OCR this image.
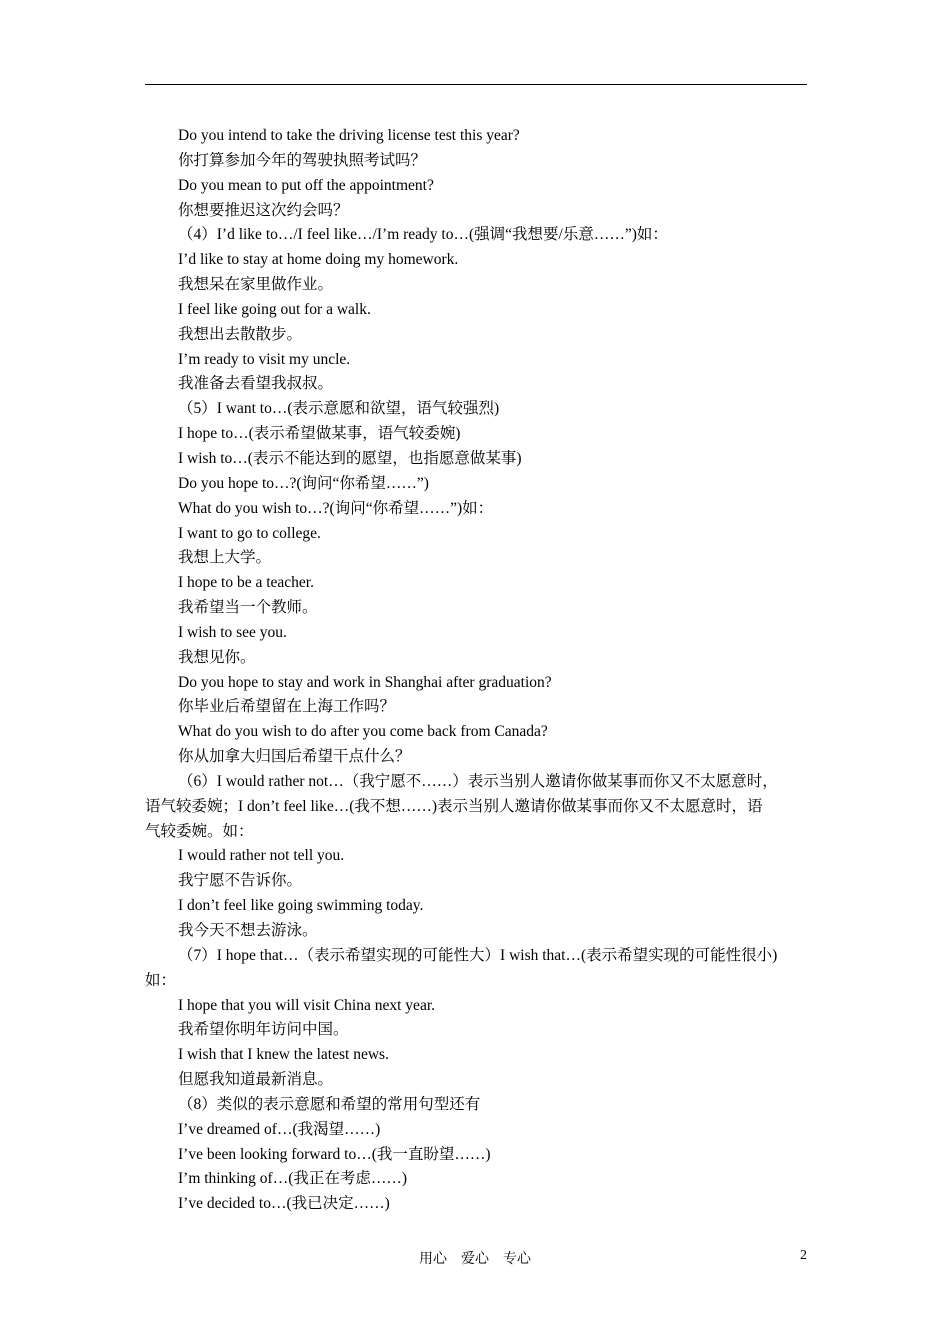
Do you intend to take the driving license test this year?
你打算参加今年的驾驶执照考试吗？
Do you mean to put off the appointment?
你想要推迟这次约会吗？
（4）I’d like to…/I feel like…/I’m ready to…(强调“我想要/乐意……”)如：
I’d like to stay at home doing my homework.
我想呆在家里做作业。
I feel like going out for a walk.
我想出去散散步。
I’m ready to visit my uncle.
我准备去看望我叔叔。
（5）I want to…(表示意愿和欲望，语气较强烈)
I hope to…(表示希望做某事，语气较委婉)
I wish to…(表示不能达到的愿望，也指愿意做某事)
Do you hope to…?(询问“你希望……”)
What do you wish to…?(询问“你希望……”)如：
I want to go to college.
我想上大学。
I hope to be a teacher.
我希望当一个教师。
I wish to see you.
我想见你。
Do you hope to stay and work in Shanghai after graduation?
你毕业后希望留在上海工作吗？
What do you wish to do after you come back from Canada?
你从加拿大归国后希望干点什么？
（6）I would rather not…（我宁愿不……）表示当别人邀请你做某事而你又不太愿意时，
语气较委婉；I don’t feel like…(我不想……)表示当别人邀请你做某事而你又不太愿意时，语
气较委婉。如：
I would rather not tell you.
我宁愿不告诉你。
I don’t feel like going swimming today.
我今天不想去游泳。
（7）I hope that…（表示希望实现的可能性大）I wish that…(表示希望实现的可能性很小)
如：
I hope that you will visit China next year.
我希望你明年访问中国。
I wish that I knew the latest news.
但愿我知道最新消息。
（8）类似的表示意愿和希望的常用句型还有
I’ve dreamed of…(我渴望……)
I’ve been looking forward to…(我一直盼望……)
I’m thinking of…(我正在考虑……)
I’ve decided to…(我已决定……)
用心　爱心　专心	2
